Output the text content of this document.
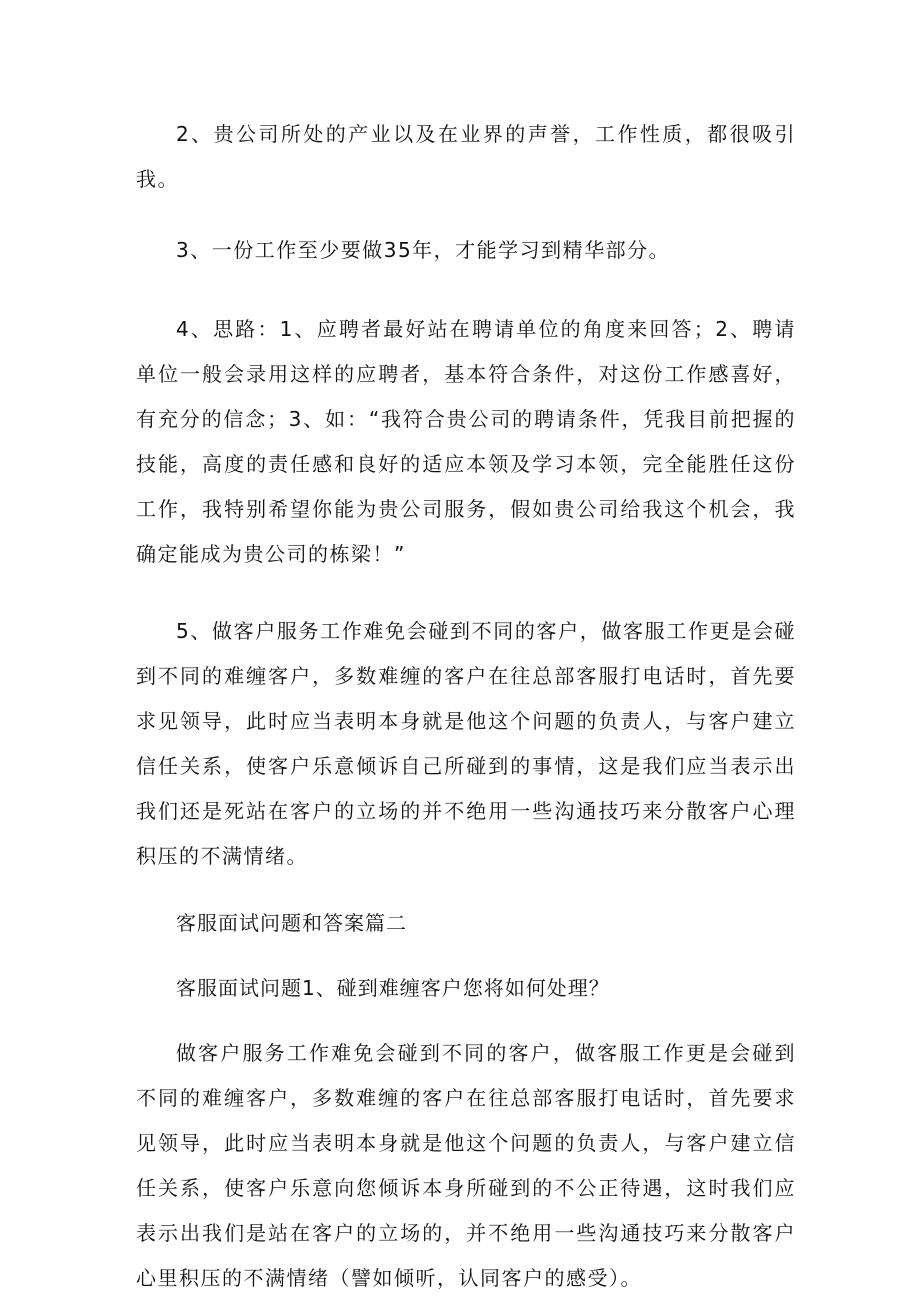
2、贵公司所处的产业以及在业界的声誉，工作性质，都很吸引我。

3、一份工作至少要做35年，才能学习到精华部分。

4、思路：1、应聘者最好站在聘请单位的角度来回答；2、聘请单位一般会录用这样的应聘者，基本符合条件，对这份工作感喜好，有充分的信念；3、如：“我符合贵公司的聘请条件，凭我目前把握的技能，高度的责任感和良好的适应本领及学习本领，完全能胜任这份工作，我特别希望你能为贵公司服务，假如贵公司给我这个机会，我确定能成为贵公司的栋梁！”

5、做客户服务工作难免会碰到不同的客户，做客服工作更是会碰到不同的难缠客户，多数难缠的客户在往总部客服打电话时，首先要求见领导，此时应当表明本身就是他这个问题的负责人，与客户建立信任关系，使客户乐意倾诉自己所碰到的事情，这是我们应当表示出我们还是死站在客户的立场的并不绝用一些沟通技巧来分散客户心理积压的不满情绪。

客服面试问题和答案篇二

客服面试问题1、碰到难缠客户您将如何处理？

做客户服务工作难免会碰到不同的客户，做客服工作更是会碰到不同的难缠客户，多数难缠的客户在往总部客服打电话时，首先要求见领导，此时应当表明本身就是他这个问题的负责人，与客户建立信任关系，使客户乐意向您倾诉本身所碰到的不公正待遇，这时我们应表示出我们是站在客户的立场的，并不绝用一些沟通技巧来分散客户心里积压的不满情绪（譬如倾听，认同客户的感受）。
